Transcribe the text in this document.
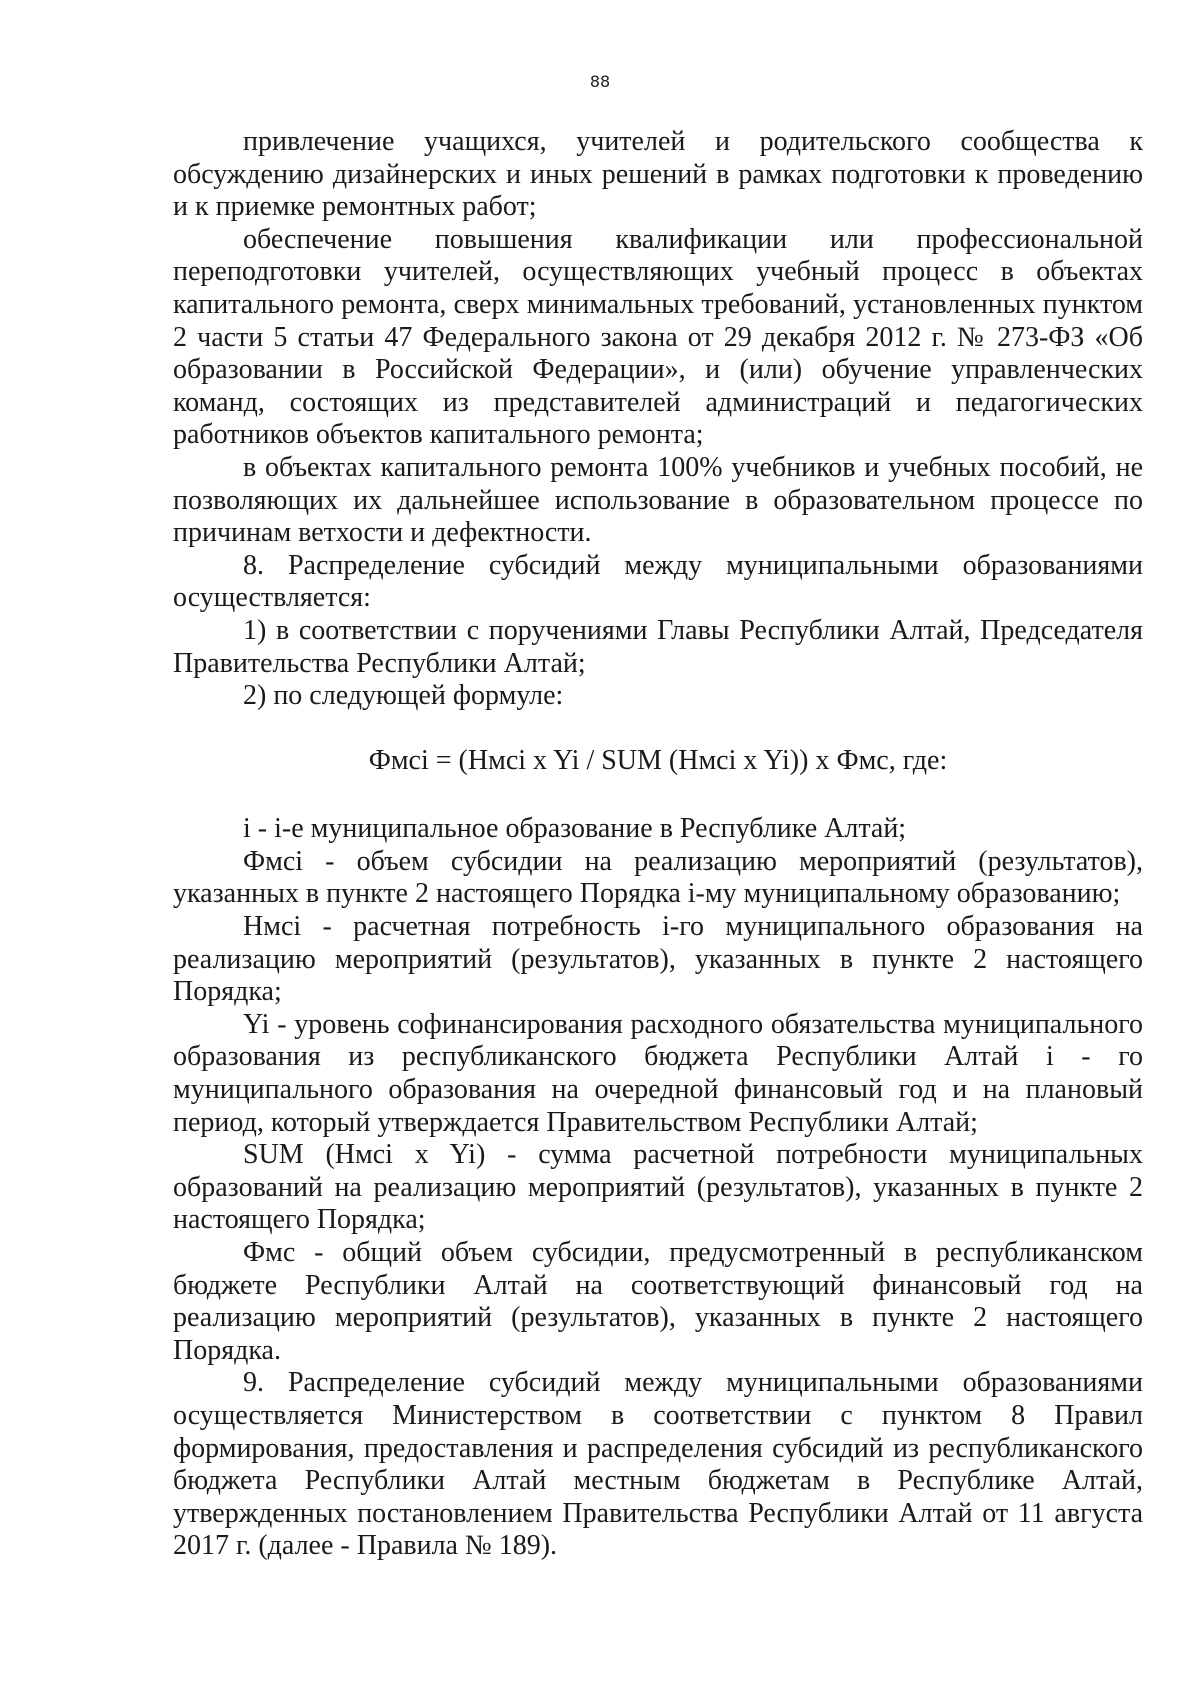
88

привлечение учащихся, учителей и родительского сообщества к обсуждению дизайнерских и иных решений в рамках подготовки к проведению и к приемке ремонтных работ;

обеспечение повышения квалификации или профессиональной переподготовки учителей, осуществляющих учебный процесс в объектах капитального ремонта, сверх минимальных требований, установленных пунктом 2 части 5 статьи 47 Федерального закона от 29 декабря 2012 г. № 273-ФЗ «Об образовании в Российской Федерации», и (или) обучение управленческих команд, состоящих из представителей администраций и педагогических работников объектов капитального ремонта;

в объектах капитального ремонта 100% учебников и учебных пособий, не позволяющих их дальнейшее использование в образовательном процессе по причинам ветхости и дефектности.

8. Распределение субсидий между муниципальными образованиями осуществляется:

1) в соответствии с поручениями Главы Республики Алтай, Председателя Правительства Республики Алтай;

2) по следующей формуле:

Фмсi = (Нмсi x Yi / SUM (Нмсi x Yi)) x Фмс, где:

i - i-е муниципальное образование в Республике Алтай;

Фмсi - объем субсидии на реализацию мероприятий (результатов), указанных в пункте 2 настоящего Порядка i-му муниципальному образованию;

Нмсi - расчетная потребность i-го муниципального образования на реализацию мероприятий (результатов), указанных в пункте 2 настоящего Порядка;

Yi - уровень софинансирования расходного обязательства муниципального образования из республиканского бюджета Республики Алтай i - го муниципального образования на очередной финансовый год и на плановый период, который утверждается Правительством Республики Алтай;

SUM (Нмсi x Yi) - сумма расчетной потребности муниципальных образований на реализацию мероприятий (результатов), указанных в пункте 2 настоящего Порядка;

Фмс - общий объем субсидии, предусмотренный в республиканском бюджете Республики Алтай на соответствующий финансовый год на реализацию мероприятий (результатов), указанных в пункте 2 настоящего Порядка.

9. Распределение субсидий между муниципальными образованиями осуществляется Министерством в соответствии с пунктом 8 Правил формирования, предоставления и распределения субсидий из республиканского бюджета Республики Алтай местным бюджетам в Республике Алтай, утвержденных постановлением Правительства Республики Алтай от 11 августа 2017 г. (далее - Правила № 189).
